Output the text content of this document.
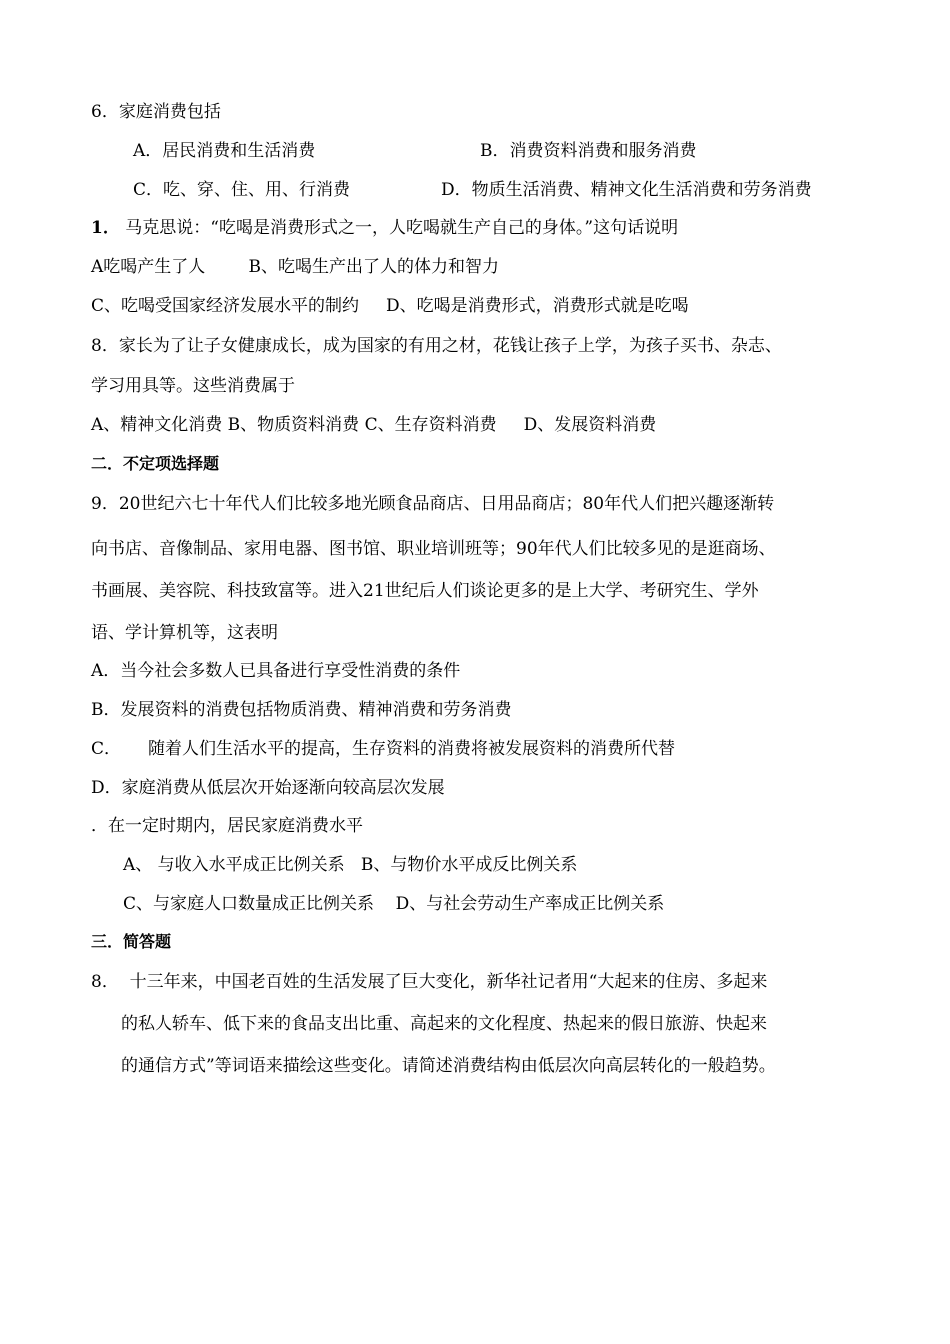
6．家庭消费包括
A．居民消费和生活消费	B．消费资料消费和服务消费
C．吃、穿、住、用、行消费	D．物质生活消费、精神文化生活消费和劳务消费
1． 马克思说：“吃喝是消费形式之一，人吃喝就生产自己的身体。”这句话说明
A吃喝产生了人        B、吃喝生产出了人的体力和智力
C、吃喝受国家经济发展水平的制约     D、吃喝是消费形式，消费形式就是吃喝
8．家长为了让子女健康成长，成为国家的有用之材，花钱让孩子上学，为孩子买书、杂志、
学习用具等。这些消费属于
A、精神文化消费 B、物质资料消费 C、生存资料消费     D、发展资料消费
二．不定项选择题
9．20世纪六七十年代人们比较多地光顾食品商店、日用品商店；80年代人们把兴趣逐渐转
向书店、音像制品、家用电器、图书馆、职业培训班等；90年代人们比较多见的是逛商场、
书画展、美容院、科技致富等。进入21世纪后人们谈论更多的是上大学、考研究生、学外
语、学计算机等，这表明
A．当今社会多数人已具备进行享受性消费的条件
B．发展资料的消费包括物质消费、精神消费和劳务消费
C．     随着人们生活水平的提高，生存资料的消费将被发展资料的消费所代替
D．家庭消费从低层次开始逐渐向较高层次发展
．在一定时期内，居民家庭消费水平
A、 与收入水平成正比例关系   B、与物价水平成反比例关系
C、与家庭人口数量成正比例关系    D、与社会劳动生产率成正比例关系
三．简答题
8．  十三年来，中国老百姓的生活发展了巨大变化，新华社记者用“大起来的住房、多起来
的私人轿车、低下来的食品支出比重、高起来的文化程度、热起来的假日旅游、快起来
的通信方式”等词语来描绘这些变化。请简述消费结构由低层次向高层转化的一般趋势。
